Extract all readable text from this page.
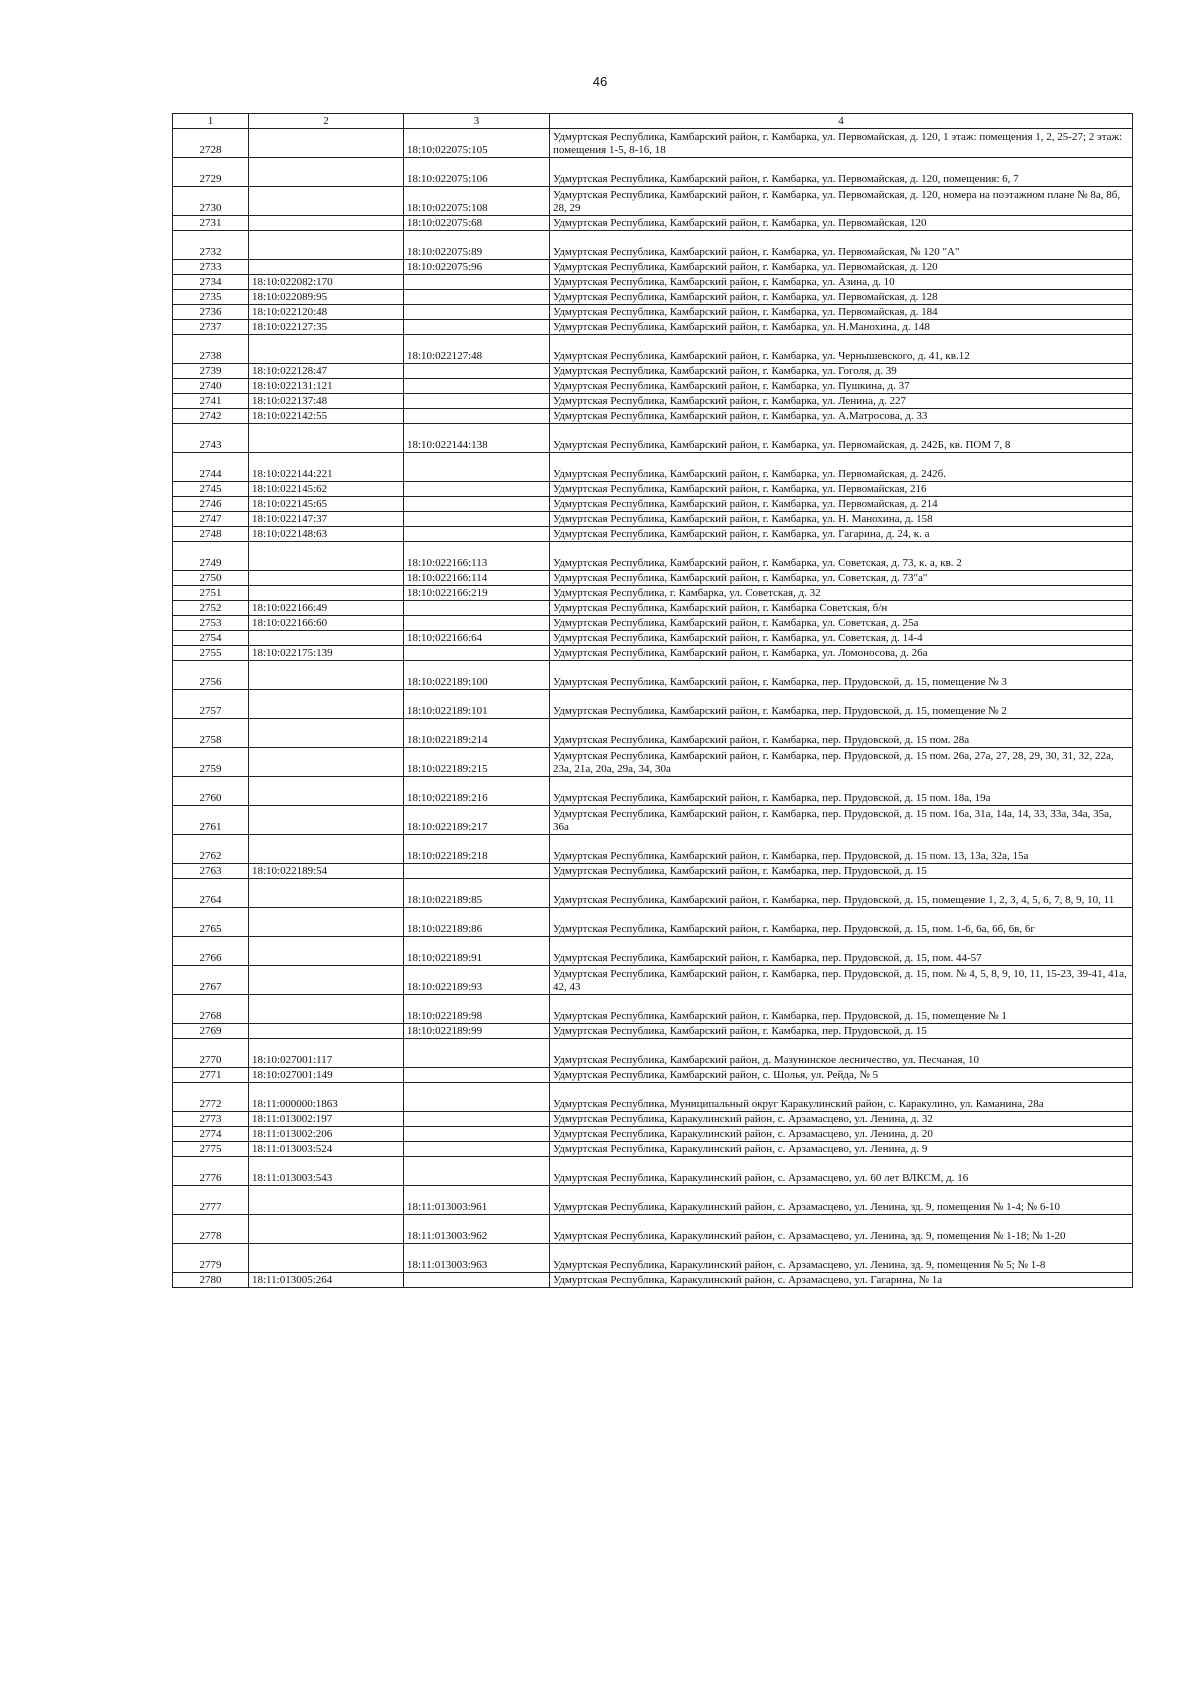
46
1	2	3	4
2728		18:10:022075:105	Удмуртская Республика, Камбарский район, г. Камбарка, ул. Первомайская, д. 120, 1 этаж: помещения 1, 2, 25-27; 2 этаж: помещения 1-5, 8-16, 18
2729		18:10:022075:106	Удмуртская Республика, Камбарский район, г. Камбарка, ул. Первомайская, д. 120, помещения: 6, 7
2730		18:10:022075:108	Удмуртская Республика, Камбарский район, г. Камбарка, ул. Первомайская, д. 120, номера на поэтажном плане № 8а, 8б, 28, 29
2731		18:10:022075:68	Удмуртская Республика, Камбарский район, г. Камбарка, ул. Первомайская, 120
2732		18:10:022075:89	Удмуртская Республика, Камбарский район, г. Камбарка, ул. Первомайская, № 120 "А"
2733		18:10:022075:96	Удмуртская Республика, Камбарский район, г. Камбарка, ул. Первомайская, д. 120
2734	18:10:022082:170		Удмуртская Республика, Камбарский район, г. Камбарка, ул. Азина, д. 10
2735	18:10:022089:95		Удмуртская Республика, Камбарский район, г. Камбарка, ул. Первомайская, д. 128
2736	18:10:022120:48		Удмуртская Республика, Камбарский район, г. Камбарка, ул. Первомайская, д. 184
2737	18:10:022127:35		Удмуртская Республика, Камбарский район, г. Камбарка, ул. Н.Манохина, д. 148
2738		18:10:022127:48	Удмуртская Республика, Камбарский район, г. Камбарка, ул. Чернышевского, д. 41, кв.12
2739	18:10:022128:47		Удмуртская Республика, Камбарский район, г. Камбарка, ул. Гоголя, д. 39
2740	18:10:022131:121		Удмуртская Республика, Камбарский район, г. Камбарка, ул. Пушкина, д. 37
2741	18:10:022137:48		Удмуртская Республика, Камбарский район, г. Камбарка, ул. Ленина, д. 227
2742	18:10:022142:55		Удмуртская Республика, Камбарский район, г. Камбарка, ул. А.Матросова, д. 33
2743		18:10:022144:138	Удмуртская Республика, Камбарский район, г. Камбарка, ул. Первомайская, д. 242Б, кв. ПОМ 7, 8
2744	18:10:022144:221		Удмуртская Республика, Камбарский район, г. Камбарка, ул. Первомайская, д. 242б.
2745	18:10:022145:62		Удмуртская Республика, Камбарский район, г. Камбарка, ул. Первомайская, 216
2746	18:10:022145:65		Удмуртская Республика, Камбарский район, г. Камбарка, ул. Первомайская, д. 214
2747	18:10:022147:37		Удмуртская Республика, Камбарский район, г. Камбарка, ул. Н. Манохина, д. 158
2748	18:10:022148:63		Удмуртская Республика, Камбарский район, г. Камбарка, ул. Гагарина, д. 24, к. а
2749		18:10:022166:113	Удмуртская Республика, Камбарский район, г. Камбарка, ул. Советская, д. 73, к. а, кв. 2
2750		18:10:022166:114	Удмуртская Республика, Камбарский район, г. Камбарка, ул. Советская, д. 73"а"
2751		18:10:022166:219	Удмуртская Республика, г. Камбарка, ул. Советская, д. 32
2752	18:10:022166:49		Удмуртская Республика, Камбарский район, г. Камбарка Советская, б/н
2753	18:10:022166:60		Удмуртская Республика, Камбарский район, г. Камбарка, ул. Советская, д. 25а
2754		18:10:022166:64	Удмуртская Республика, Камбарский район, г. Камбарка, ул. Советская, д. 14-4
2755	18:10:022175:139		Удмуртская Республика, Камбарский район, г. Камбарка, ул. Ломоносова, д. 26а
2756		18:10:022189:100	Удмуртская Республика, Камбарский район, г. Камбарка, пер. Прудовской, д. 15, помещение № 3
2757		18:10:022189:101	Удмуртская Республика, Камбарский район, г. Камбарка, пер. Прудовской, д. 15, помещение № 2
2758		18:10:022189:214	Удмуртская Республика, Камбарский район, г. Камбарка, пер. Прудовской, д. 15 пом. 28а
2759		18:10:022189:215	Удмуртская Республика, Камбарский район, г. Камбарка, пер. Прудовской, д. 15 пом. 26а, 27а, 27, 28, 29, 30, 31, 32, 22а, 23а, 21а, 20а, 29а, 34, 30а
2760		18:10:022189:216	Удмуртская Республика, Камбарский район, г. Камбарка, пер. Прудовской, д. 15 пом. 18а, 19а
2761		18:10:022189:217	Удмуртская Республика, Камбарский район, г. Камбарка, пер. Прудовской, д. 15 пом. 16а, 31а, 14а, 14, 33, 33а, 34а, 35а, 36а
2762		18:10:022189:218	Удмуртская Республика, Камбарский район, г. Камбарка, пер. Прудовской, д. 15 пом. 13, 13а, 32а, 15а
2763	18:10:022189:54		Удмуртская Республика, Камбарский район, г. Камбарка, пер. Прудовской, д. 15
2764		18:10:022189:85	Удмуртская Республика, Камбарский район, г. Камбарка, пер. Прудовской, д. 15, помещение 1, 2, 3, 4, 5, 6, 7, 8, 9, 10, 11
2765		18:10:022189:86	Удмуртская Республика, Камбарский район, г. Камбарка, пер. Прудовской, д. 15, пом. 1-6, 6а, 6б, 6в, 6г
2766		18:10:022189:91	Удмуртская Республика, Камбарский район, г. Камбарка, пер. Прудовской, д. 15, пом. 44-57
2767		18:10:022189:93	Удмуртская Республика, Камбарский район, г. Камбарка, пер. Прудовской, д. 15, пом. № 4, 5, 8, 9, 10, 11, 15-23, 39-41, 41а, 42, 43
2768		18:10:022189:98	Удмуртская Республика, Камбарский район, г. Камбарка, пер. Прудовской, д. 15, помещение № 1
2769		18:10:022189:99	Удмуртская Республика, Камбарский район, г. Камбарка, пер. Прудовской, д. 15
2770	18:10:027001:117		Удмуртская Республика, Камбарский район, д. Мазунинское лесничество, ул. Песчаная, 10
2771	18:10:027001:149		Удмуртская Республика, Камбарский район, с. Шолья, ул. Рейда, № 5
2772	18:11:000000:1863		Удмуртская Республика, Муниципальный округ Каракулинский район, с. Каракулино, ул. Каманина, 28а
2773	18:11:013002:197		Удмуртская Республика, Каракулинский район, с. Арзамасцево, ул. Ленина, д. 32
2774	18:11:013002:206		Удмуртская Республика, Каракулинский район, с. Арзамасцево, ул. Ленина, д. 20
2775	18:11:013003:524		Удмуртская Республика, Каракулинский район, с. Арзамасцево, ул. Ленина, д. 9
2776	18:11:013003:543		Удмуртская Республика, Каракулинский район, с. Арзамасцево, ул. 60 лет ВЛКСМ, д. 16
2777		18:11:013003:961	Удмуртская Республика, Каракулинский район, с. Арзамасцево, ул. Ленина, зд. 9, помещения № 1-4; № 6-10
2778		18:11:013003:962	Удмуртская Республика, Каракулинский район, с. Арзамасцево, ул. Ленина, зд. 9, помещения № 1-18; № 1-20
2779		18:11:013003:963	Удмуртская Республика, Каракулинский район, с. Арзамасцево, ул. Ленина, зд. 9, помещения № 5; № 1-8
2780	18:11:013005:264		Удмуртская Республика, Каракулинский район, с. Арзамасцево, ул. Гагарина, № 1а
